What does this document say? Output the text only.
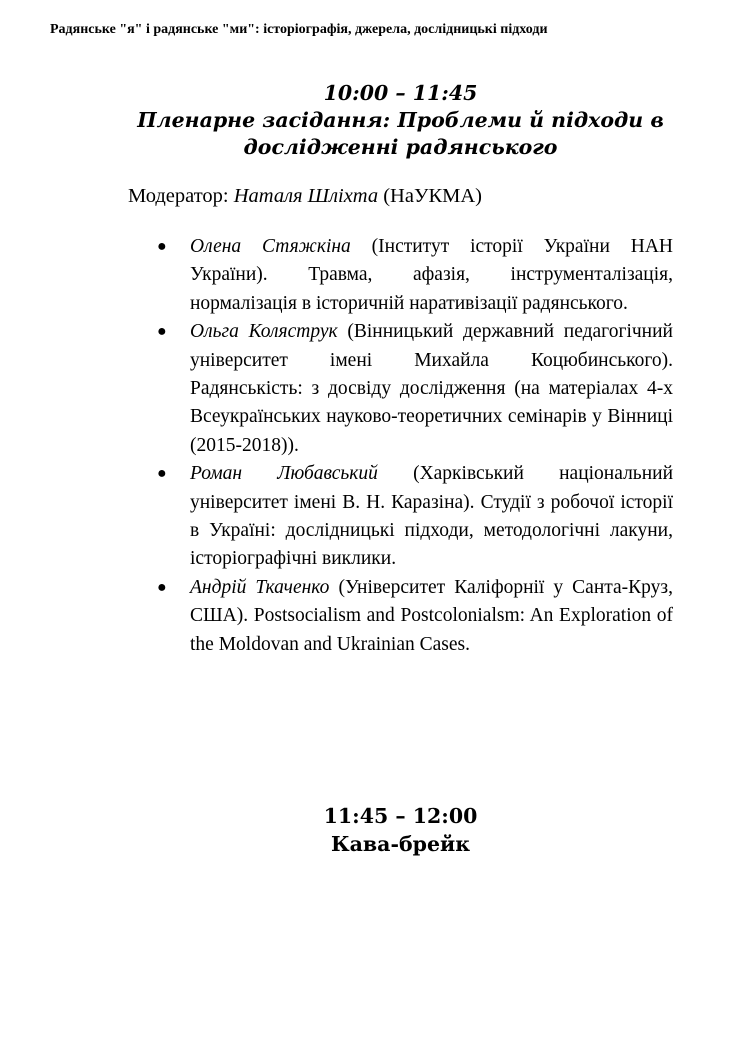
Радянське "я" і радянське "ми": історіографія, джерела, дослідницькі підходи

10:00 – 11:45

Пленарне засідання: Проблеми й підходи в дослідженні радянського

Модератор: Наталя Шліхта (НаУКМА)
● Олена Стяжкіна (Інститут історії України НАН України). Травма, афазія, інструменталізація, нормалізація в історичній наративізації радянського.
● Ольга Коляструк (Вінницький державний педагогічний університет імені Михайла Коцюбинського). Радянськість: з досвіду дослідження (на матеріалах 4-х Всеукраїнських науково-теоретичних семінарів у Вінниці (2015-2018)).
● Роман Любавський (Харківський національний університет імені В. Н. Каразіна). Студії з робочої історії в Україні: дослідницькі підходи, методологічні лакуни, історіографічні виклики.
● Андрій Ткаченко (Університет Каліфорнії у Санта-Круз, США). Postsocialism and Postcolonialsm: An Exploration of the Moldovan and Ukrainian Cases.
11:45 – 12:00
Кава-брейк
